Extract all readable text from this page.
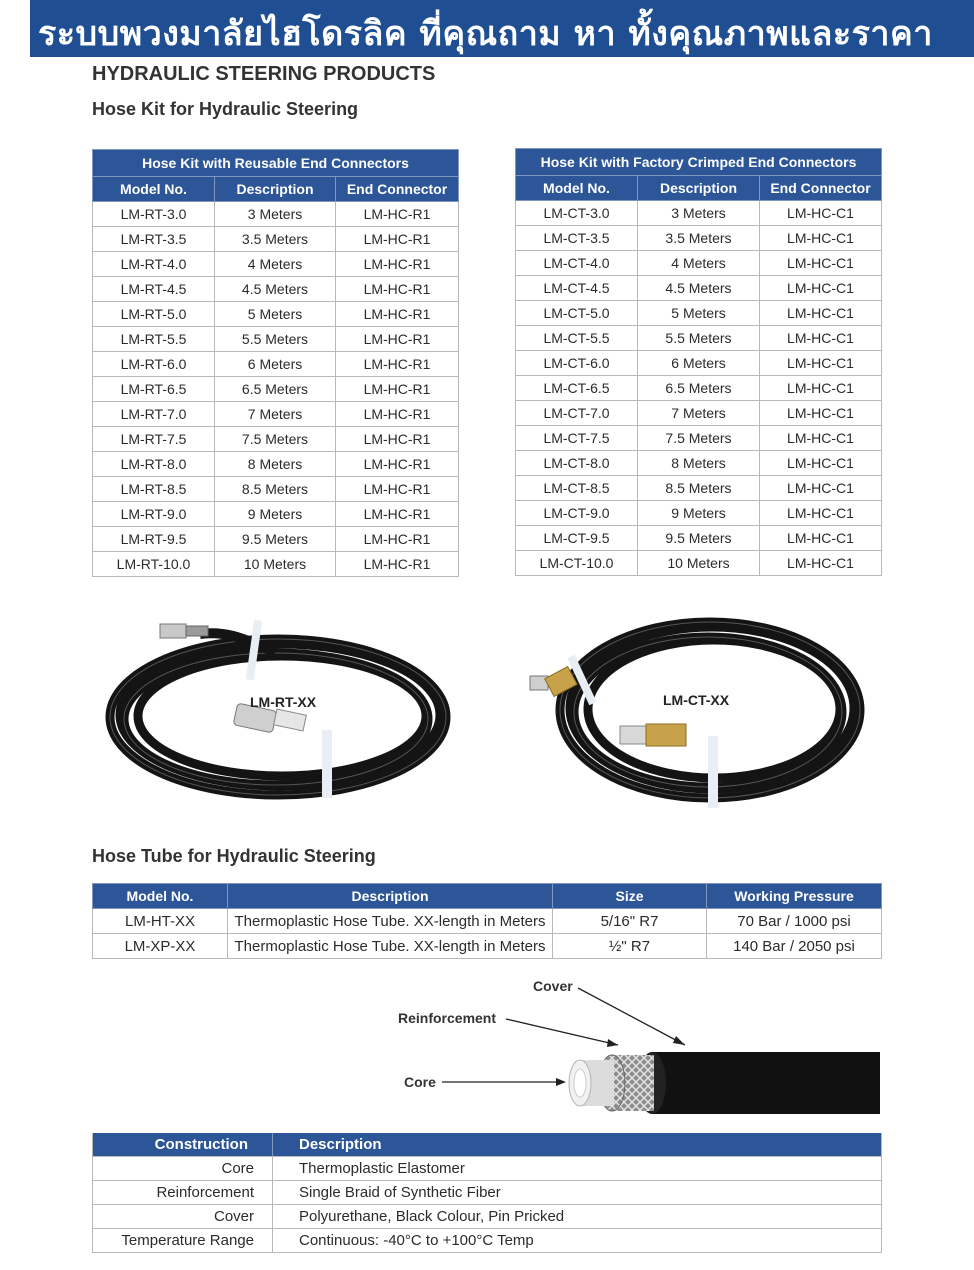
ระบบพวงมาลัยไฮโดรลิค ที่คุณถาม หา ทั้งคุณภาพและราคา
HYDRAULIC STEERING PRODUCTS
Hose Kit for Hydraulic Steering
Hose Kit with Reusable End Connectors		
Model No.	Description	End Connector
LM-RT-3.0	3 Meters	LM-HC-R1
LM-RT-3.5	3.5 Meters	LM-HC-R1
LM-RT-4.0	4 Meters	LM-HC-R1
LM-RT-4.5	4.5 Meters	LM-HC-R1
LM-RT-5.0	5 Meters	LM-HC-R1
LM-RT-5.5	5.5 Meters	LM-HC-R1
LM-RT-6.0	6 Meters	LM-HC-R1
LM-RT-6.5	6.5 Meters	LM-HC-R1
LM-RT-7.0	7 Meters	LM-HC-R1
LM-RT-7.5	7.5 Meters	LM-HC-R1
LM-RT-8.0	8 Meters	LM-HC-R1
LM-RT-8.5	8.5 Meters	LM-HC-R1
LM-RT-9.0	9 Meters	LM-HC-R1
LM-RT-9.5	9.5 Meters	LM-HC-R1
LM-RT-10.0	10 Meters	LM-HC-R1
Hose Kit with Factory Crimped End Connectors		
Model No.	Description	End Connector
LM-CT-3.0	3 Meters	LM-HC-C1
LM-CT-3.5	3.5 Meters	LM-HC-C1
LM-CT-4.0	4 Meters	LM-HC-C1
LM-CT-4.5	4.5 Meters	LM-HC-C1
LM-CT-5.0	5 Meters	LM-HC-C1
LM-CT-5.5	5.5 Meters	LM-HC-C1
LM-CT-6.0	6 Meters	LM-HC-C1
LM-CT-6.5	6.5 Meters	LM-HC-C1
LM-CT-7.0	7 Meters	LM-HC-C1
LM-CT-7.5	7.5 Meters	LM-HC-C1
LM-CT-8.0	8 Meters	LM-HC-C1
LM-CT-8.5	8.5 Meters	LM-HC-C1
LM-CT-9.0	9 Meters	LM-HC-C1
LM-CT-9.5	9.5 Meters	LM-HC-C1
LM-CT-10.0	10 Meters	LM-HC-C1
LM-RT-XX	LM-CT-XX
Hose Tube for Hydraulic Steering
Model No.	Description	Size	Working Pressure
LM-HT-XX	Thermoplastic Hose Tube. XX-length in Meters	5/16" R7	70 Bar / 1000 psi
LM-XP-XX	Thermoplastic Hose Tube. XX-length in Meters	½" R7	140 Bar / 2050 psi
Cover
Reinforcement
Core
Construction	Description
Core	Thermoplastic Elastomer
Reinforcement	Single Braid of Synthetic Fiber
Cover	Polyurethane, Black Colour, Pin Pricked
Temperature Range	Continuous: -40°C to +100°C Temp
